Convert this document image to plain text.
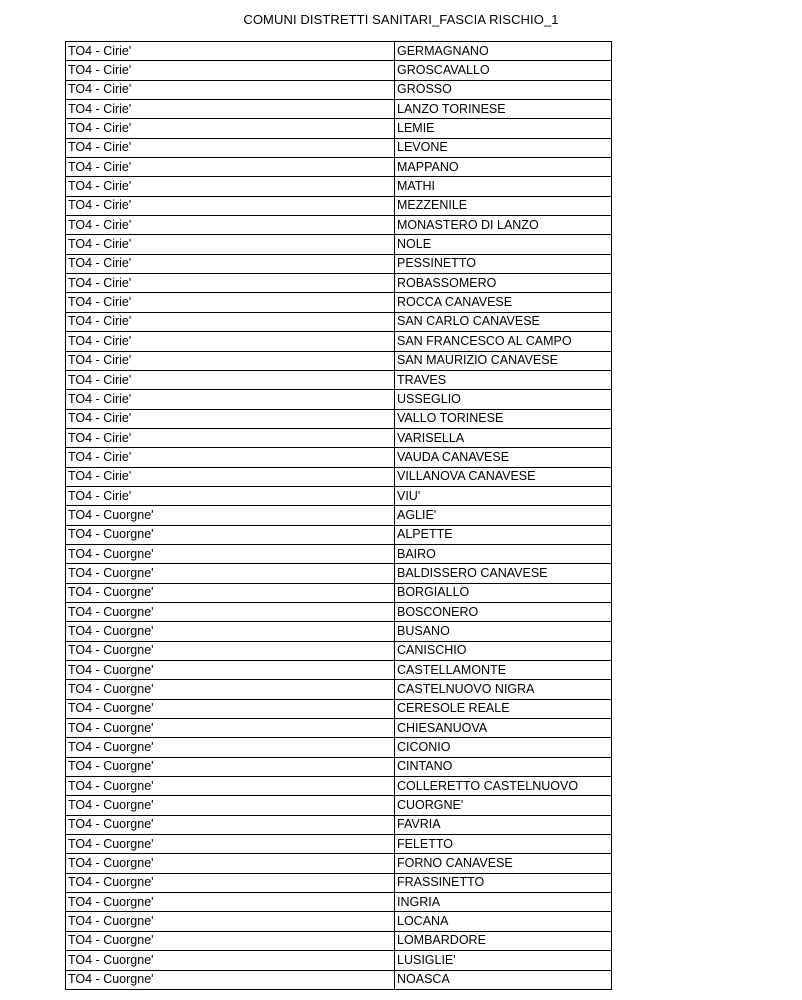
COMUNI DISTRETTI SANITARI_FASCIA RISCHIO_1
TO4 - Cirie'	GERMAGNANO
TO4 - Cirie'	GROSCAVALLO
TO4 - Cirie'	GROSSO
TO4 - Cirie'	LANZO TORINESE
TO4 - Cirie'	LEMIE
TO4 - Cirie'	LEVONE
TO4 - Cirie'	MAPPANO
TO4 - Cirie'	MATHI
TO4 - Cirie'	MEZZENILE
TO4 - Cirie'	MONASTERO DI LANZO
TO4 - Cirie'	NOLE
TO4 - Cirie'	PESSINETTO
TO4 - Cirie'	ROBASSOMERO
TO4 - Cirie'	ROCCA CANAVESE
TO4 - Cirie'	SAN CARLO CANAVESE
TO4 - Cirie'	SAN FRANCESCO AL CAMPO
TO4 - Cirie'	SAN MAURIZIO CANAVESE
TO4 - Cirie'	TRAVES
TO4 - Cirie'	USSEGLIO
TO4 - Cirie'	VALLO TORINESE
TO4 - Cirie'	VARISELLA
TO4 - Cirie'	VAUDA CANAVESE
TO4 - Cirie'	VILLANOVA CANAVESE
TO4 - Cirie'	VIU'
TO4 - Cuorgne'	AGLIE'
TO4 - Cuorgne'	ALPETTE
TO4 - Cuorgne'	BAIRO
TO4 - Cuorgne'	BALDISSERO CANAVESE
TO4 - Cuorgne'	BORGIALLO
TO4 - Cuorgne'	BOSCONERO
TO4 - Cuorgne'	BUSANO
TO4 - Cuorgne'	CANISCHIO
TO4 - Cuorgne'	CASTELLAMONTE
TO4 - Cuorgne'	CASTELNUOVO NIGRA
TO4 - Cuorgne'	CERESOLE REALE
TO4 - Cuorgne'	CHIESANUOVA
TO4 - Cuorgne'	CICONIO
TO4 - Cuorgne'	CINTANO
TO4 - Cuorgne'	COLLERETTO CASTELNUOVO
TO4 - Cuorgne'	CUORGNE'
TO4 - Cuorgne'	FAVRIA
TO4 - Cuorgne'	FELETTO
TO4 - Cuorgne'	FORNO CANAVESE
TO4 - Cuorgne'	FRASSINETTO
TO4 - Cuorgne'	INGRIA
TO4 - Cuorgne'	LOCANA
TO4 - Cuorgne'	LOMBARDORE
TO4 - Cuorgne'	LUSIGLIE'
TO4 - Cuorgne'	NOASCA
